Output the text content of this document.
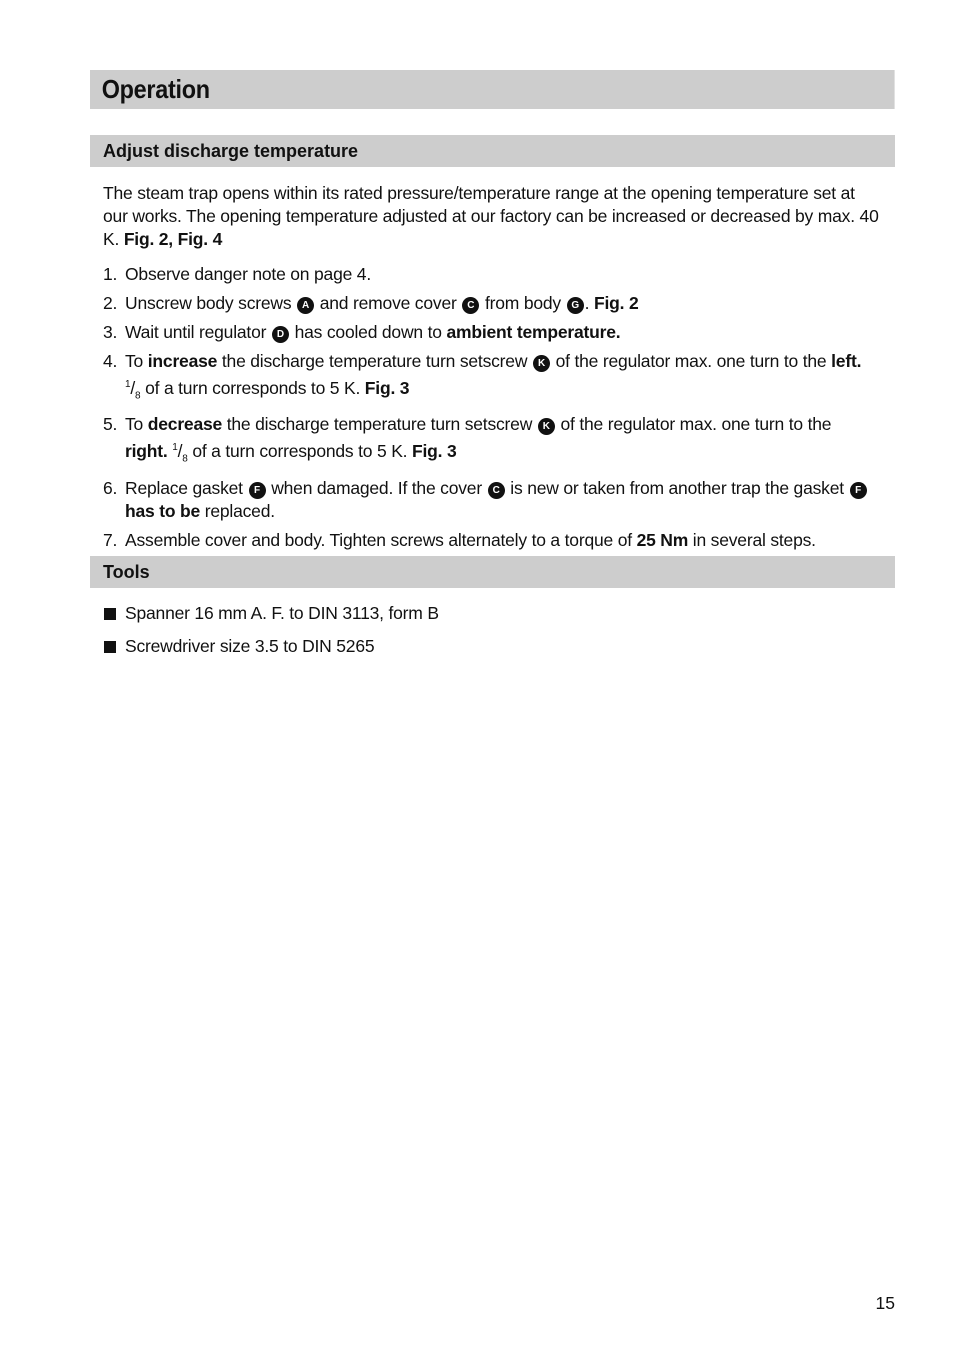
Operation
Adjust discharge temperature
The steam trap opens within its rated pressure/temperature range at the opening temperature set at our works. The opening temperature adjusted at our factory can be increased or decreased by max. 40 K. Fig. 2, Fig. 4
1. Observe danger note on page 4.
2. Unscrew body screws A and remove cover C from body G . Fig. 2
3. Wait until regulator D has cooled down to ambient temperature.
4. To increase the discharge temperature turn setscrew K of the regulator max. one turn to the left.
$^1/_8$ of a turn corresponds to 5 K. Fig. 3
5. To decrease the discharge temperature turn setscrew K of the regulator max. one turn to the
right. $^1/_8$ of a turn corresponds to 5 K. Fig. 3
6. Replace gasket F when damaged. If the cover C is new or taken from another trap the gasket F
has to be replaced.
7. Assemble cover and body. Tighten screws alternately to a torque of 25 Nm in several steps.
Tools
Spanner 16 mm A. F. to DIN 3113, form B
Screwdriver size 3.5 to DIN 5265
15
